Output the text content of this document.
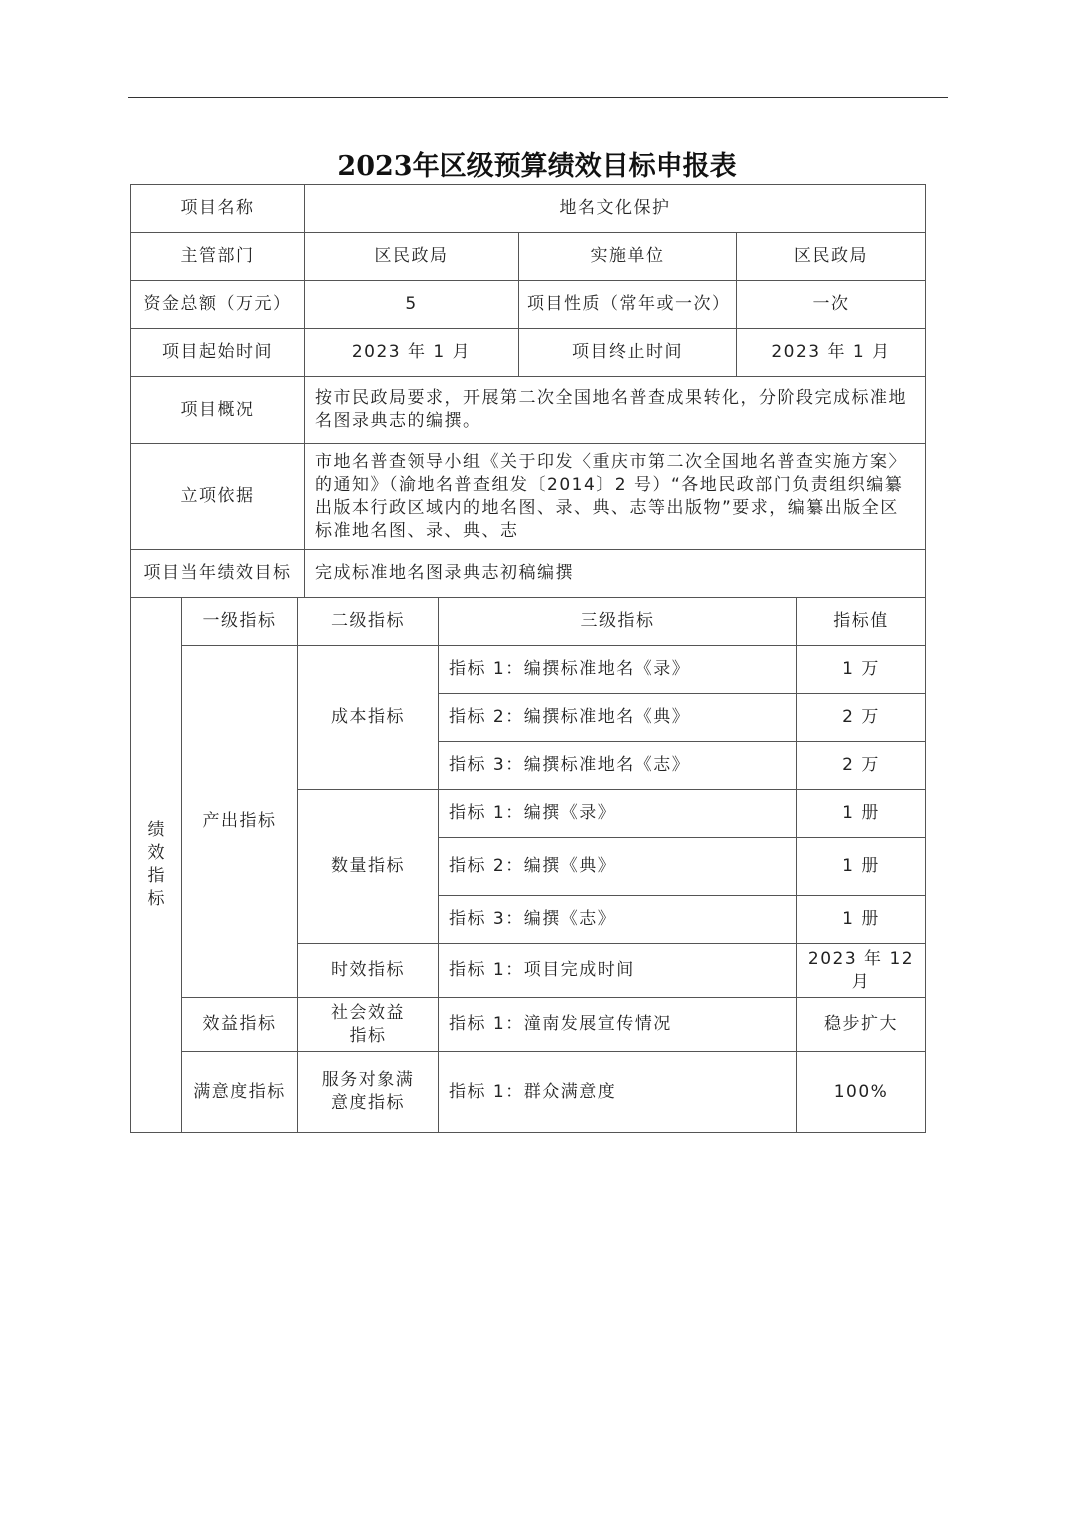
2023年区级预算绩效目标申报表
项目名称	地名文化保护		
主管部门	区民政局	实施单位	区民政局
资金总额（万元）	5	项目性质（常年或一次）	一次
项目起始时间	2023 年 1 月	项目终止时间	2023 年 1 月
项目概况	按市民政局要求，开展第二次全国地名普查成果转化，分阶段完成标准地名图录典志的编撰。		
立项依据	市地名普查领导小组《关于印发〈重庆市第二次全国地名普查实施方案〉的通知》（渝地名普查组发〔2014〕2 号）“各地民政部门负责组织编纂出版本行政区域内的地名图、录、典、志等出版物”要求，编纂出版全区标准地名图、录、典、志		
项目当年绩效目标	完成标准地名图录典志初稿编撰		
绩效指标	一级指标	二级指标	三级指标	指标值
	产出指标	成本指标	指标 1：编撰标准地名《录》	1 万
			指标 2：编撰标准地名《典》	2 万
			指标 3：编撰标准地名《志》	2 万
		数量指标	指标 1：编撰《录》	1 册
			指标 2：编撰《典》	1 册
			指标 3：编撰《志》	1 册
		时效指标	指标 1：项目完成时间	2023 年 12 月
	效益指标	社会效益指标	指标 1：潼南发展宣传情况	稳步扩大
	满意度指标	服务对象满意度指标	指标 1：群众满意度	100%
